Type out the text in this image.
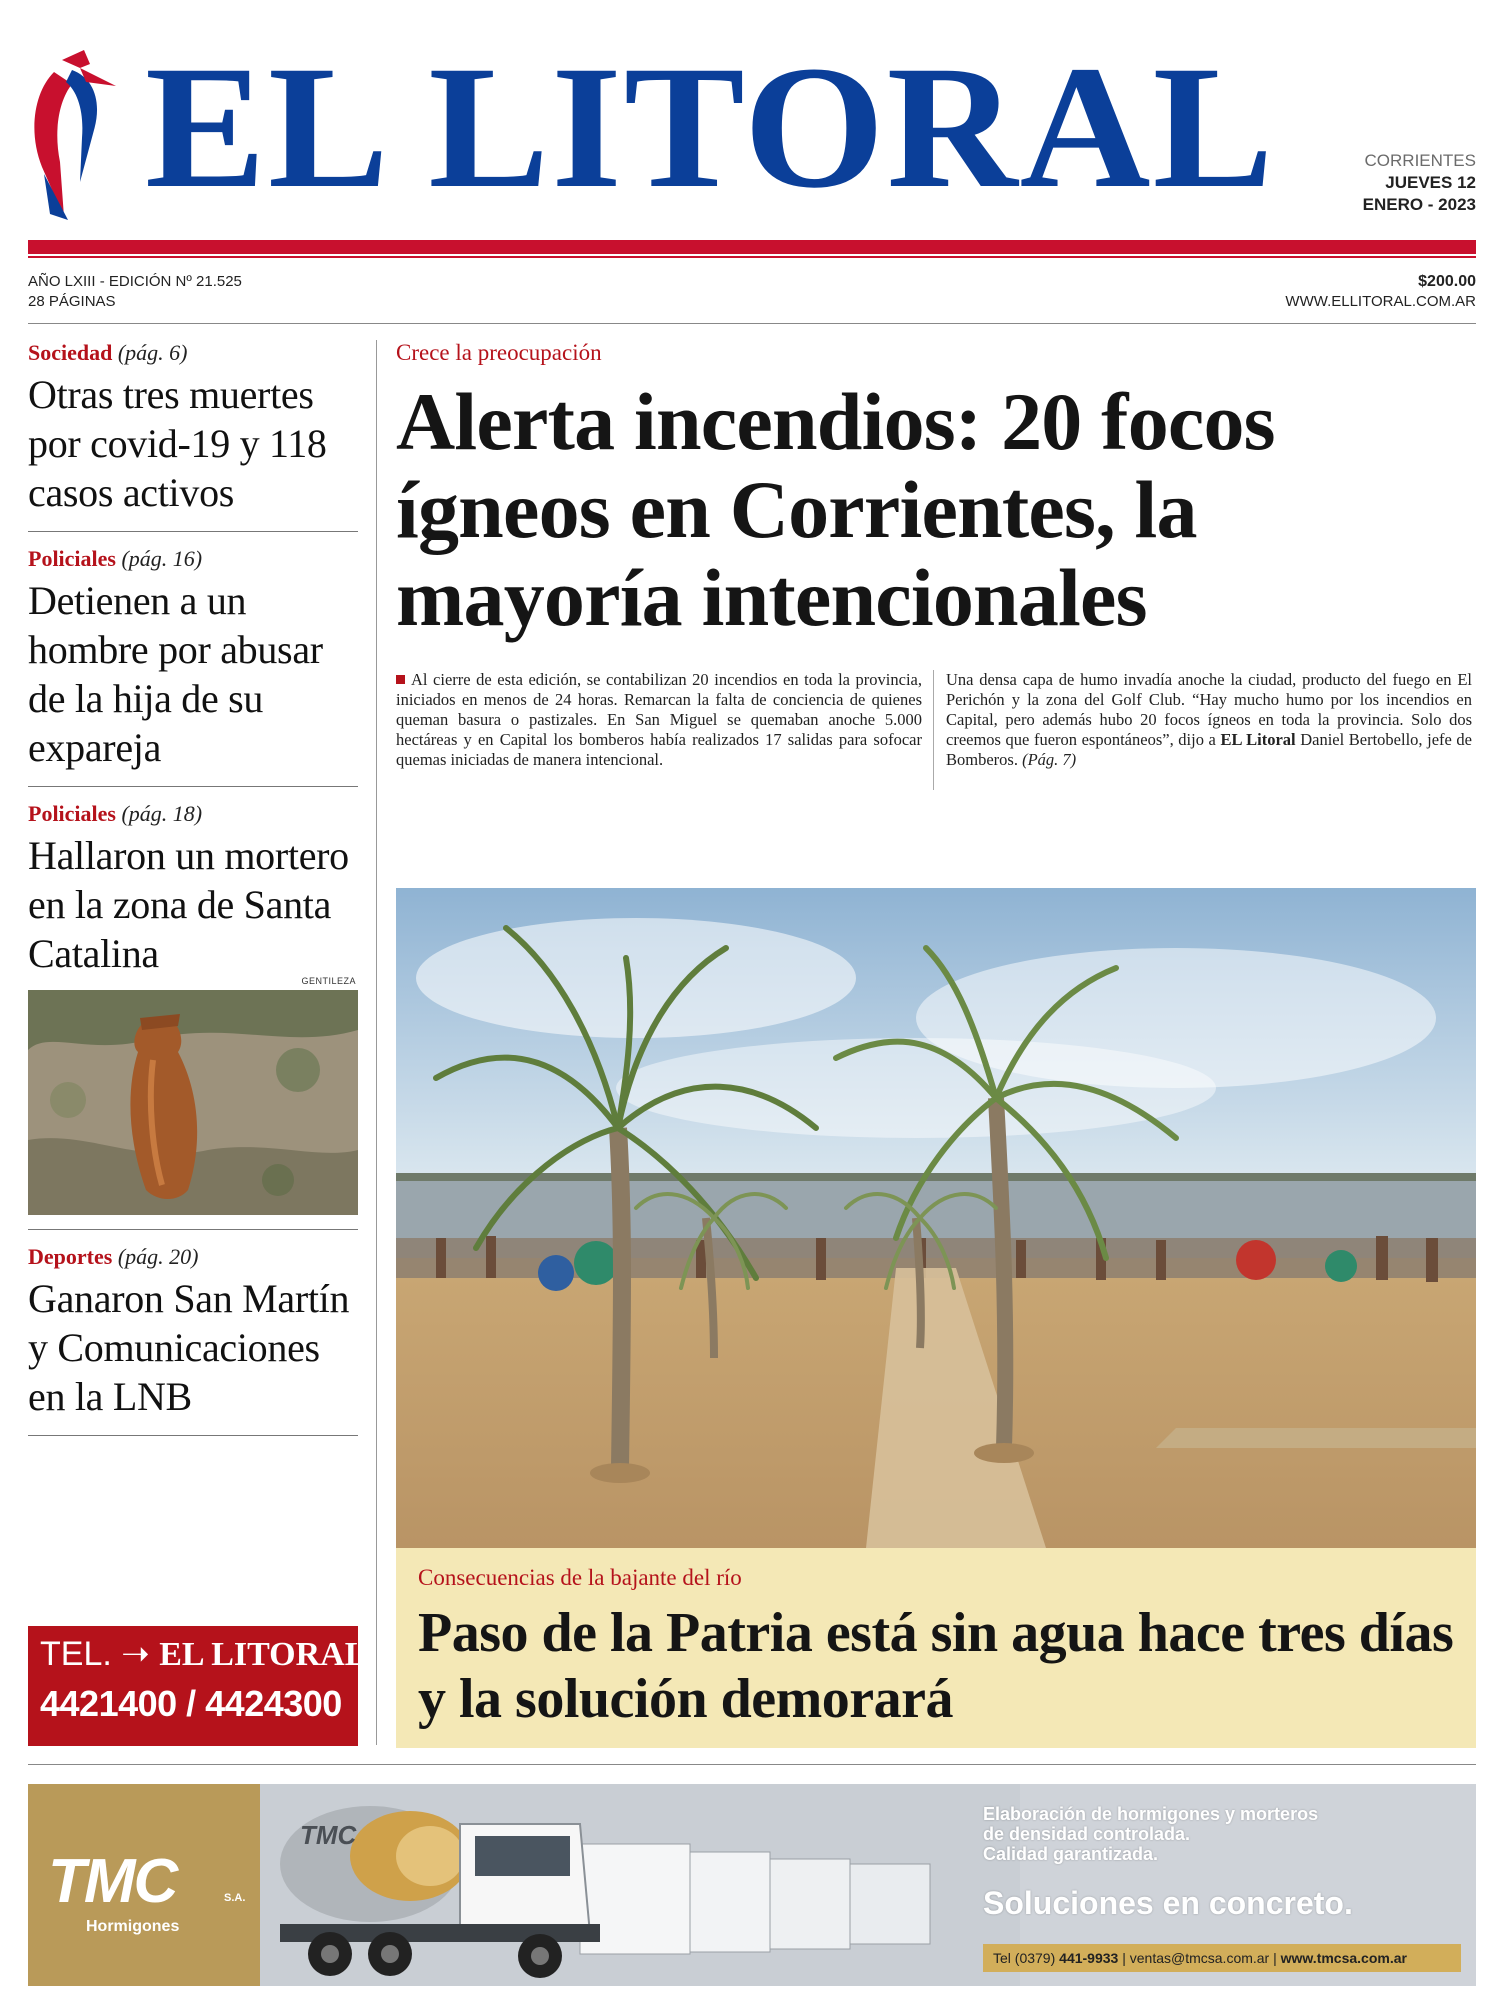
EL LITORAL	CORRIENTES
JUEVES 12
ENERO - 2023
AÑO LXIII - EDICIÓN Nº 21.525
28 PÁGINAS
$200.00
WWW.ELLITORAL.COM.AR
Sociedad (pág. 6)
Otras tres muertes por covid-19 y 118 casos activos
Policiales (pág. 16)
Detienen a un hombre por abusar de la hija de su expareja
Policiales (pág. 18)
Hallaron un mortero en la zona de Santa Catalina
GENTILEZA
Deportes (pág. 20)
Ganaron San Martín y Comunicaciones en la LNB
TEL. ➝ EL LITORAL
4421400 / 4424300
Crece la preocupación
Alerta incendios: 20 focos ígneos en Corrientes, la mayoría intencionales
Al cierre de esta edición, se contabilizan 20 incendios en toda la provincia, iniciados en menos de 24 horas. Remarcan la falta de conciencia de quienes queman basura o pastizales. En San Miguel se quemaban anoche 5.000 hectáreas y en Capital los bomberos había realizados 17 salidas para sofocar quemas iniciadas de manera intencional.
Una densa capa de humo invadía anoche la ciudad, producto del fuego en El Perichón y la zona del Golf Club. “Hay mucho humo por los incendios en Capital, pero además hubo 20 focos ígneos en toda la provincia. Solo dos creemos que fueron espontáneos”, dijo a EL Litoral Daniel Bertobello, jefe de Bomberos. (Pág. 7)
Consecuencias de la bajante del río
Paso de la Patria está sin agua hace tres días y la solución demorará
TMC	S.A.
Hormigones
TMC
Elaboración de hormigones y morteros
de densidad controlada.
Calidad garantizada.
Soluciones en concreto.
Tel (0379) 441-9933 | ventas@tmcsa.com.ar | www.tmcsa.com.ar
